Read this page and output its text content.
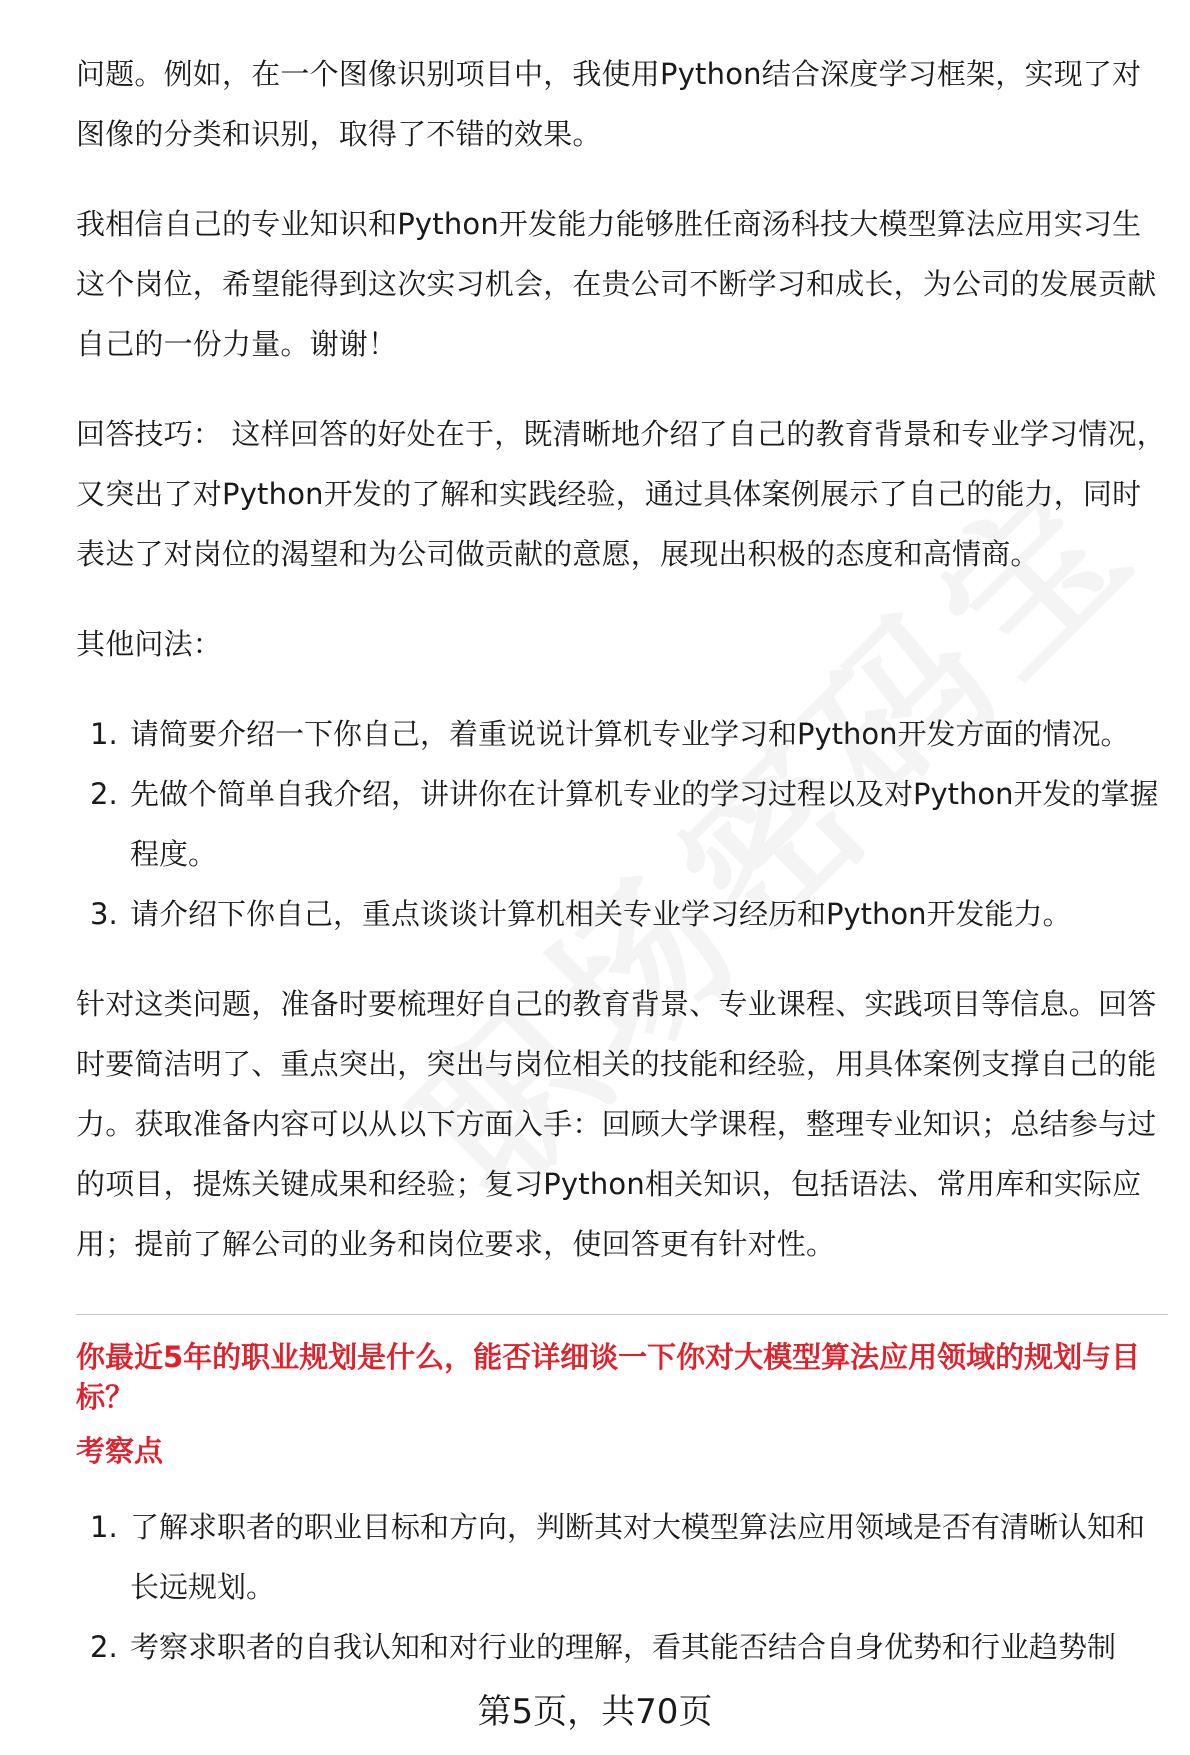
问题。例如，在一个图像识别项目中，我使用Python结合深度学习框架，实现了对图像的分类和识别，取得了不错的效果。

我相信自己的专业知识和Python开发能力能够胜任商汤科技大模型算法应用实习生这个岗位，希望能得到这次实习机会，在贵公司不断学习和成长，为公司的发展贡献自己的一份力量。谢谢！

回答技巧： 这样回答的好处在于，既清晰地介绍了自己的教育背景和专业学习情况，又突出了对Python开发的了解和实践经验，通过具体案例展示了自己的能力，同时表达了对岗位的渴望和为公司做贡献的意愿，展现出积极的态度和高情商。

其他问法：

1. 请简要介绍一下你自己，着重说说计算机专业学习和Python开发方面的情况。
2. 先做个简单自我介绍，讲讲你在计算机专业的学习过程以及对Python开发的掌握程度。
3. 请介绍下你自己，重点谈谈计算机相关专业学习经历和Python开发能力。

针对这类问题，准备时要梳理好自己的教育背景、专业课程、实践项目等信息。回答时要简洁明了、重点突出，突出与岗位相关的技能和经验，用具体案例支撑自己的能力。获取准备内容可以从以下方面入手：回顾大学课程，整理专业知识；总结参与过的项目，提炼关键成果和经验；复习Python相关知识，包括语法、常用库和实际应用；提前了解公司的业务和岗位要求，使回答更有针对性。

你最近5年的职业规划是什么，能否详细谈一下你对大模型算法应用领域的规划与目标？

考察点

1. 了解求职者的职业目标和方向，判断其对大模型算法应用领域是否有清晰认知和长远规划。
2. 考察求职者的自我认知和对行业的理解，看其能否结合自身优势和行业趋势制
第5页，共70页
